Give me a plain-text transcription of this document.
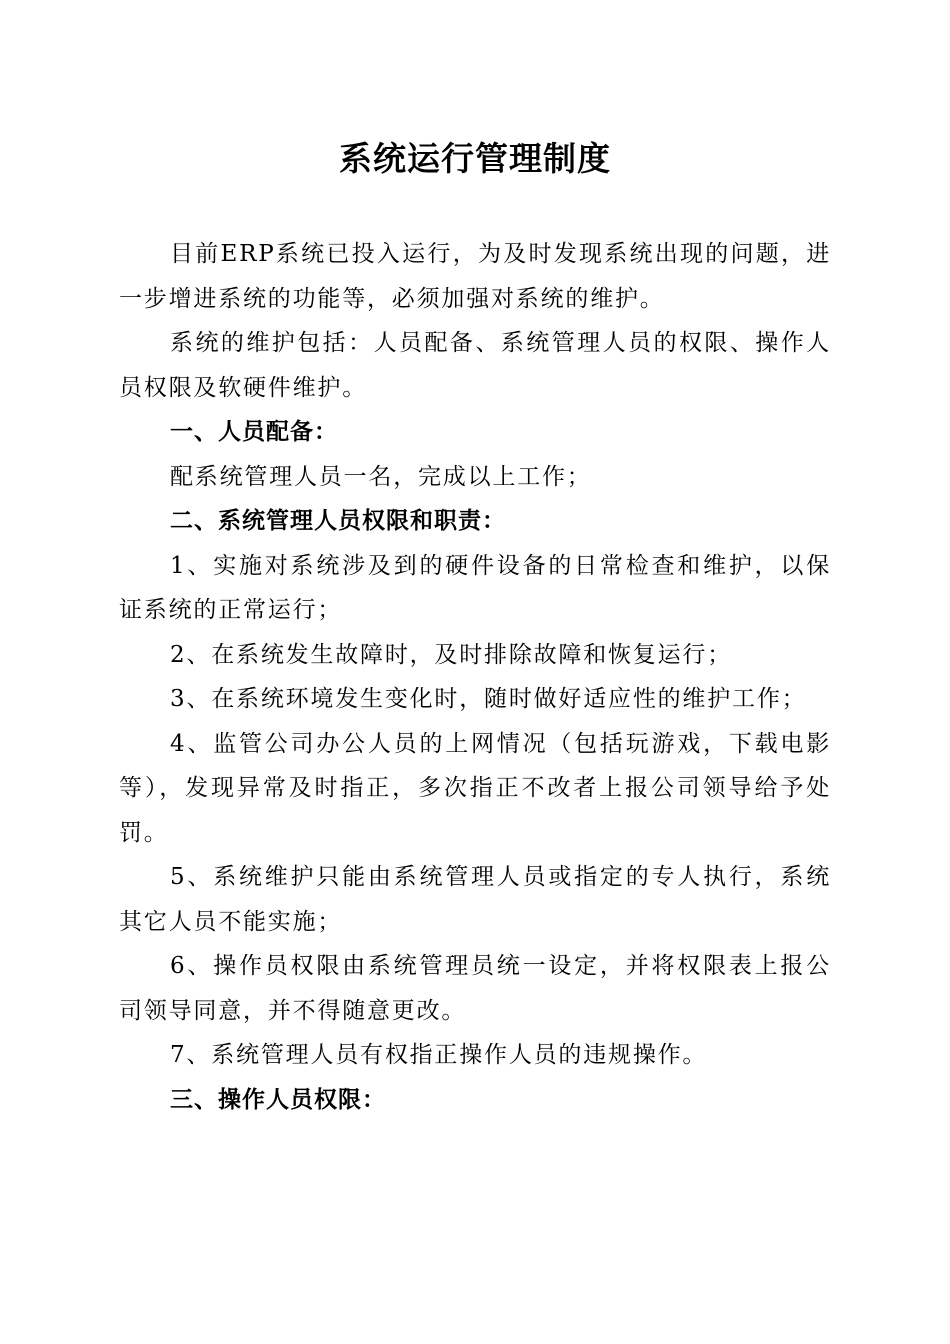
系统运行管理制度

目前ERP系统已投入运行，为及时发现系统出现的问题，进一步增进系统的功能等，必须加强对系统的维护。

系统的维护包括：人员配备、系统管理人员的权限、操作人员权限及软硬件维护。

一、人员配备：

配系统管理人员一名，完成以上工作；

二、系统管理人员权限和职责：

1、实施对系统涉及到的硬件设备的日常检查和维护，以保证系统的正常运行；

2、在系统发生故障时，及时排除故障和恢复运行；

3、在系统环境发生变化时，随时做好适应性的维护工作；

4、监管公司办公人员的上网情况（包括玩游戏，下载电影等），发现异常及时指正，多次指正不改者上报公司领导给予处罚。

5、系统维护只能由系统管理人员或指定的专人执行，系统其它人员不能实施；

6、操作员权限由系统管理员统一设定，并将权限表上报公司领导同意，并不得随意更改。

7、系统管理人员有权指正操作人员的违规操作。

三、操作人员权限：
